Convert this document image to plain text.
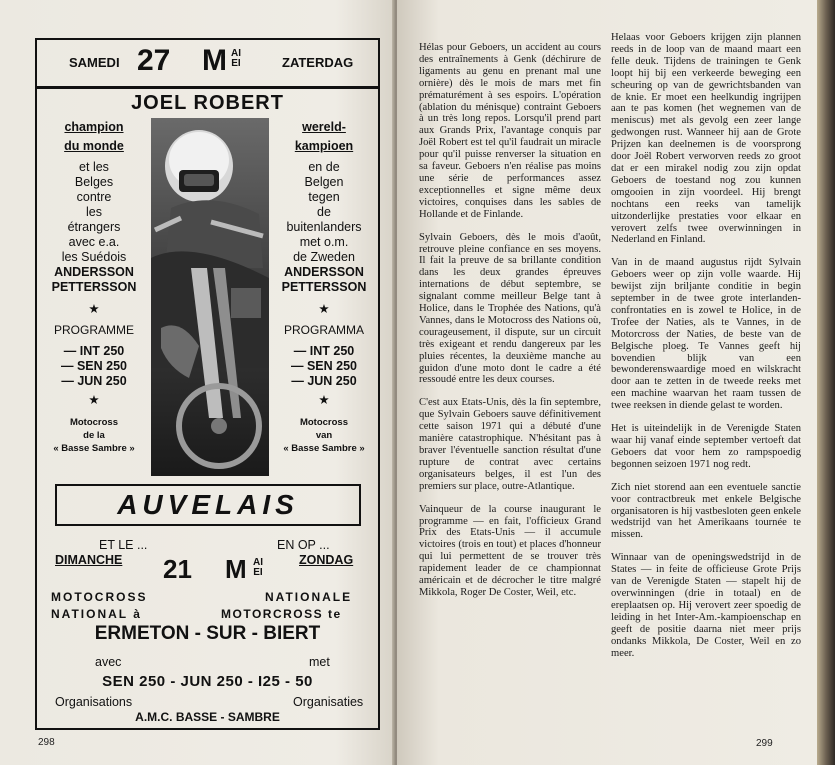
SAMEDI 27 M AI
EI	ZATERDAG
JOEL ROBERT
champion
du monde
et les
Belges
contre
les
étrangers
avec e.a.
les Suédois
ANDERSSON
PETTERSSON
★
PROGRAMME
— INT 250
— SEN 250
— JUN 250
★
Motocross
de la
« Basse Sambre »
wereld-
kampioen
en de
Belgen
tegen
de
buitenlanders
met o.m.
de Zweden
ANDERSSON
PETTERSSON
★
PROGRAMMA
— INT 250
— SEN 250
— JUN 250
★
Motocross
van
« Basse Sambre »
AUVELAIS
ET LE ...	EN OP ...
DIMANCHE	ZONDAG
21 M AI
EI
MOTOCROSS	NATIONALE
NATIONAL à	MOTORCROSS te
ERMETON - SUR - BIERT
avec	met
SEN 250 - JUN 250 - I25 - 50
Organisations	Organisaties
A.M.C. BASSE - SAMBRE
298

Hélas pour Geboers, un accident au cours des entraînements à Genk (déchirure de ligaments au genu en prenant mal une ornière) dès le mois de mars met fin prématurément à ses espoirs. L'opération (ablation du ménisque) contraint Geboers à un très long repos. Lorsqu'il prend part aux Grands Prix, l'avantage conquis par Joël Robert est tel qu'il faudrait un miracle pour qu'il puisse renverser la situation en sa faveur. Geboers n'en réalise pas moins une série de performances assez exceptionnelles et signe même deux victoires, conquises dans les sables de Hollande et de Finlande.

Sylvain Geboers, dès le mois d'août, retrouve pleine confiance en ses moyens. Il fait la preuve de sa brillante condition dans les deux grandes épreuves internations de début septembre, se signalant comme meilleur Belge tant à Holice, dans le Trophée des Nations, qu'à Vannes, dans le Motocross des Nations où, courageusement, il dispute, sur un circuit très exigeant et rendu dangereux par les pluies récentes, la deuxième manche au guidon d'une moto dont le cadre a été ressoudé entre les deux courses.

C'est aux Etats-Unis, dès la fin septembre, que Sylvain Geboers sauve définitivement cette saison 1971 qui a débuté d'une manière catastrophique. N'hésitant pas à braver l'éventuelle sanction résultat d'une rupture de contrat avec certains organisateurs belges, il est l'un des premiers sur place, outre-Atlantique.

Vainqueur de la course inaugurant le programme — en fait, l'officieux Grand Prix des Etats-Unis — il accumule victoires (trois en tout) et places d'honneur qui lui permettent de se trouver très rapidement leader de ce championnat américain et de décrocher le titre malgré Mikkola, Roger De Coster, Weil, etc.

Helaas voor Geboers krijgen zijn plannen reeds in de loop van de maand maart een felle deuk. Tijdens de trainingen te Genk loopt hij bij een verkeerde beweging een scheuring op van de gewrichtsbanden van de knie. Er moet een heelkundig ingrijpen aan te pas komen (het wegnemen van de meniscus) met als gevolg een zeer lange gedwongen rust. Wanneer hij aan de Grote Prijzen kan deelnemen is de voorsprong door Joël Robert verworven reeds zo groot dat er een mirakel nodig zou zijn opdat Geboers de toestand nog zou kunnen omgooien in zijn voordeel. Hij brengt nochtans een reeks van tamelijk uitzonderlijke prestaties voor elkaar en verovert zelfs twee overwinningen in Nederland en Finland.

Van in de maand augustus rijdt Sylvain Geboers weer op zijn volle waarde. Hij bewijst zijn briljante conditie in begin september in de twee grote interlanden-confrontaties en is zowel te Holice, in de Trofee der Naties, als te Vannes, in de Motorcross der Naties, de beste van de Belgische ploeg. Te Vannes geeft hij bovendien blijk van een bewonderenswaardige moed en wilskracht door aan te zetten in de tweede reeks met een machine waarvan het raam tussen de twee reeksen in diende gelast te worden.

Het is uiteindelijk in de Verenigde Staten waar hij vanaf einde september vertoeft dat Geboers dat voor hem zo rampspoedig begonnen seizoen 1971 nog redt.

Zich niet storend aan een eventuele sanctie voor contractbreuk met enkele Belgische organisatoren is hij vastbesloten geen enkele wedstrijd van het Amerikaans tournée te missen.

Winnaar van de openingswedstrijd in de States — in feite de officieuse Grote Prijs van de Verenigde Staten — stapelt hij de overwinningen (drie in totaal) en de ereplaatsen op. Hij verovert zeer spoedig de leiding in het Inter-Am.-kampioenschap en geeft de positie daarna niet meer prijs ondanks Mikkola, De Coster, Weil en zo meer.

299
